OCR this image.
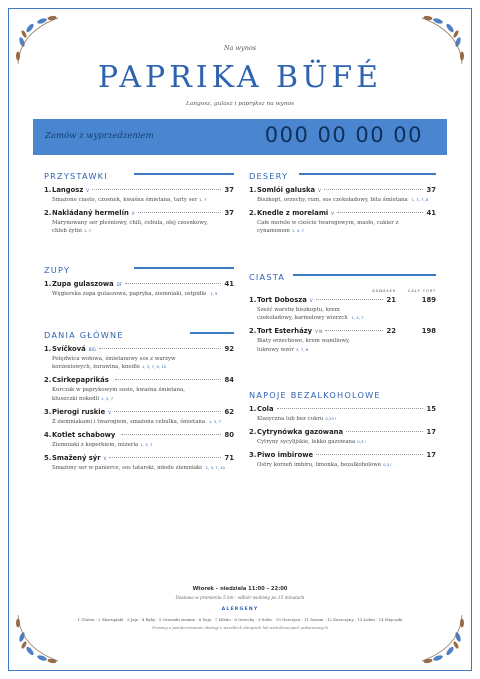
Na wynos
PAPRIKA BÜFÉ
Langosz, gulasz i papryksz na wynos
Zamów z wyprzedzeniem	000 00 00 00
PRZYSTAWKI
1. Langosz V	37
Smażone ciasto, czosnek, kwaśna śmietana, tarty ser 1, 7
2. Nakládaný hermelín V	37
Marynowany ser pleśniowy, chili, cebula, olej czosnkowy, chleb żytni 1, 7
ZUPY
1. Zupa gulaszowa DF	41
Węgierska zupa gulaszowa, papryka, ziemniaki, ostpidle 1, 9
DANIA GŁÓWNE
1. Svíčková BIG	92
Polędwica wołowa, śmietanowy sos z warzyw korzeniowych, żurawina, knedle 1, 3, 7, 9, 10
2. Csirkepaprikás	84
Kurczak w paprykowym sosie, kwaśna śmietana, kluseczki nokedli 1, 3, 7
3. Pierogi ruskie V	62
Z ziemniakami i twarogiem, smażona cebulka, śmietana 1, 3, 7
4. Kotlet schabowy	80
Ziemniaki z koperkiem, mizeria 1, 3, 7
5. Smažený sýr V	71
Smażony ser w panierce, sos tatarski, młode ziemniaki 1, 3, 7, 10
DESERY
1. Somlói galuska V	37
Biszkopt, orzechy, rum, sos czekoladowy, bita śmietana 1, 3, 7, 8
2. Knedle z morelami V	41
Całe morele w cieście twarogowym, masło, cukier z cynamonem 1, 3, 7
CIASTA
KAWAŁEK	CAŁY TORT
1. Tort Dobosza V	21	189
Sześć warstw biszkoptu, krem czekoladowy, karmelowy wierzch 1, 3, 7
2. Tort Esterházy V N	22	198
Blaty orzechowe, krem waniliowy, lukrowy wzór 3, 7, 8
NAPOJE BEZALKOHOLOWE
1. Cola	15
Klasyczna lub bez cukru 0,33 l
2. Cytrynówka gazowana	17
Cytryny sycylijskie, lekko gazowana 0,3 l
3. Piwo imbirowe	17
Ostry korzeń imbiru, limonka, bezalkoholowe 0,3 l
Wtorek – niedziela 11:00 – 22:00
Dostawa w promieniu 5 km · odbiór osobisty po 15 minutach
ALERGENY
1 Gluten · 2 Skorupiaki · 3 Jaja · 4 Ryby · 5 Orzeszki ziemne · 6 Soja · 7 Mleko · 8 Orzechy · 9 Seler · 10 Gorczyca · 11 Sezam · 12 Kuszczyny · 13 Łubin · 14 Mięczaki
Prosimy o poinformowanie obsługi o wszelkich alergiach lub nietolerancjach pokarmowych
